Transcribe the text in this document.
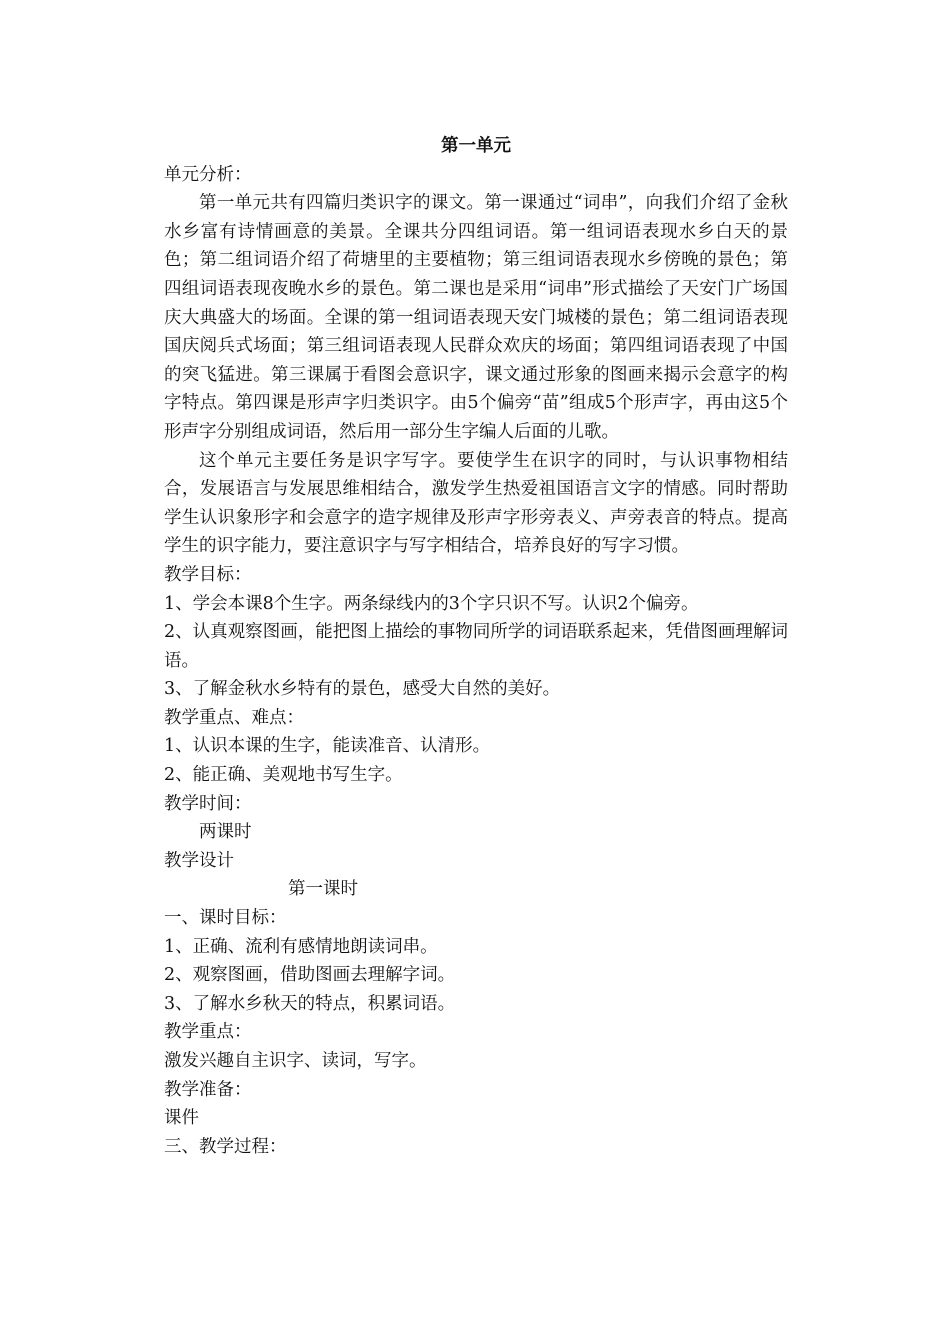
第一单元

单元分析：

第一单元共有四篇归类识字的课文。第一课通过“词串”，向我们介绍了金秋水乡富有诗情画意的美景。全课共分四组词语。第一组词语表现水乡白天的景色；第二组词语介绍了荷塘里的主要植物；第三组词语表现水乡傍晚的景色；第四组词语表现夜晚水乡的景色。第二课也是采用“词串”形式描绘了天安门广场国庆大典盛大的场面。全课的第一组词语表现天安门城楼的景色；第二组词语表现国庆阅兵式场面；第三组词语表现人民群众欢庆的场面；第四组词语表现了中国的突飞猛进。第三课属于看图会意识字，课文通过形象的图画来揭示会意字的构字特点。第四课是形声字归类识字。由5个偏旁“苗”组成5个形声字，再由这5个形声字分别组成词语，然后用一部分生字编人后面的儿歌。

这个单元主要任务是识字写字。要使学生在识字的同时，与认识事物相结合，发展语言与发展思维相结合，激发学生热爱祖国语言文字的情感。同时帮助学生认识象形字和会意字的造字规律及形声字形旁表义、声旁表音的特点。提高学生的识字能力，要注意识字与写字相结合，培养良好的写字习惯。

教学目标：

1、学会本课8个生字。两条绿线内的3个字只识不写。认识2个偏旁。

2、认真观察图画，能把图上描绘的事物同所学的词语联系起来，凭借图画理解词语。

3、了解金秋水乡特有的景色，感受大自然的美好。

教学重点、难点：

1、认识本课的生字，能读准音、认清形。

2、能正确、美观地书写生字。

教学时间：

两课时

教学设计

第一课时

一、课时目标：

1、正确、流利有感情地朗读词串。

2、观察图画，借助图画去理解字词。

3、了解水乡秋天的特点，积累词语。

教学重点：

激发兴趣自主识字、读词，写字。

教学准备：

课件

三、教学过程：
